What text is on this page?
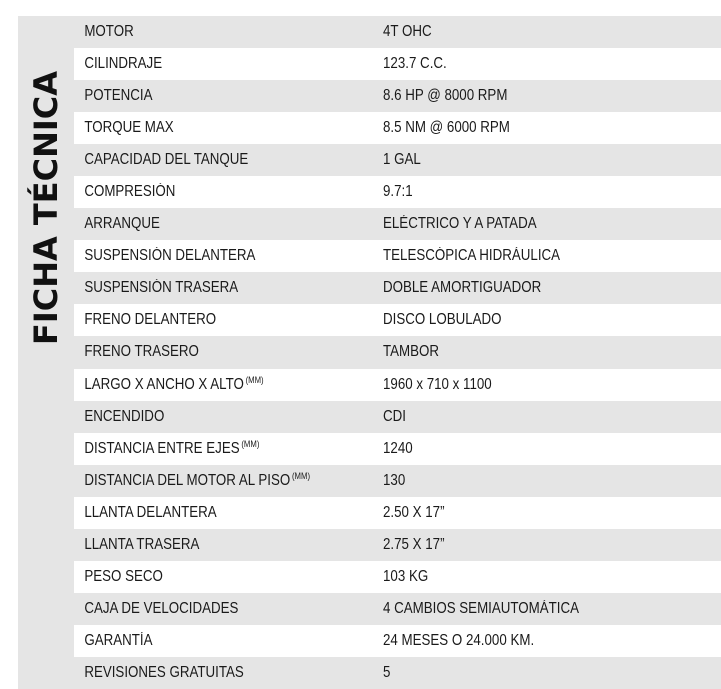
FICHA TÉCNICA
MOTOR	4T OHC
CILINDRAJE	123.7 C.C.
POTENCIA	8.6 HP @ 8000 RPM
TORQUE MAX	8.5 NM @ 6000 RPM
CAPACIDAD DEL TANQUE	1 GAL
COMPRESIÓN	9.7:1
ARRANQUE	ELÉCTRICO Y A PATADA
SUSPENSIÓN DELANTERA	TELESCÓPICA HIDRÁULICA
SUSPENSIÓN TRASERA	DOBLE AMORTIGUADOR
FRENO DELANTERO	DISCO LOBULADO
FRENO TRASERO	TAMBOR
LARGO X ANCHO X ALTO $^{(MM)}$	1960 x 710 x 1100
ENCENDIDO	CDI
DISTANCIA ENTRE EJES $^{(MM)}$	1240
DISTANCIA DEL MOTOR AL PISO $^{(MM)}$	130
LLANTA DELANTERA	2.50 X 17”
LLANTA TRASERA	2.75 X 17”
PESO SECO	103 KG
CAJA DE VELOCIDADES	4 CAMBIOS SEMIAUTOMÁTICA
GARANTÍA	24 MESES O 24.000 KM.
REVISIONES GRATUITAS	5
